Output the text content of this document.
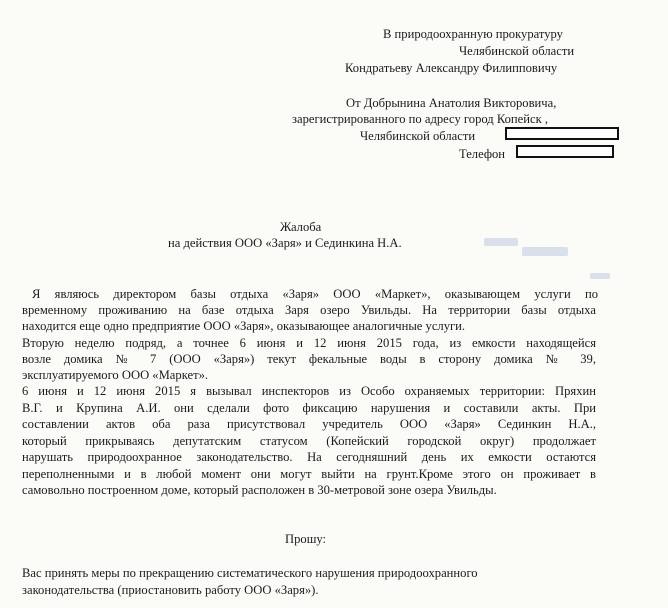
В природоохранную прокуратуру
Челябинской области
Кондратьеву Александру Филипповичу
От Добрынина Анатолия Викторовича,
зарегистрированного по адресу город Копейск ,
Челябинской области
Телефон
Жалоба
на действия ООО «Заря» и Сединкина Н.А.
Я являюсь директором базы отдыха «Заря» ООО «Маркет», оказывающем услуги по
временному проживанию на базе отдыха Заря озеро Увильды. На территории базы отдыха
находится еще одно предприятие ООО «Заря», оказывающее аналогичные услуги.
Вторую неделю подряд, а точнее 6 июня и 12 июня 2015 года, из емкости находящейся
возле домика № 7 (ООО «Заря») текут фекальные воды в сторону домика № 39,
эксплуатируемого ООО «Маркет».
6 июня и 12 июня 2015 я вызывал инспекторов из Особо охраняемых территории: Пряхин
В.Г. и Крупина А.И. они сделали фото фиксацию нарушения и составили акты. При
составлении актов оба раза присутствовал учредитель ООО «Заря» Сединкин Н.А.,
который прикрываясь депутатским статусом (Копейский городской округ) продолжает
нарушать природоохранное законодательство. На сегодняшний день их емкости остаются
переполненными и в любой момент они могут выйти на грунт.Кроме этого он проживает в
самовольно построенном доме, который расположен в 30-метровой зоне озера Увильды.
Прошу:
Вас принять меры по прекращению систематического нарушения природоохранного
законодательства (приостановить работу ООО «Заря»).
